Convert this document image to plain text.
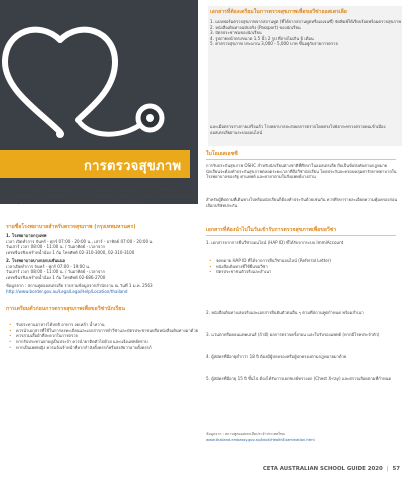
การตรวจสุขภาพ
หลังจากที่นักเรียนมาเรียนอยู่ที่ออสเตรเลีย เป็นการดูแลสุขภาพที่ต้องคาดการณ์ไว้ คลินิกที่สะดวกแก่นักเรียนและนักศึกษาแต่ละคน มีระบบประกันสุขภาพที่รองรับ คือ OSHC ตามหลักการ นักเรียนสามารถตรวจสุขภาพโดยใช้บริการของคลินิกหรือโรงพยาบาลทั่วไปได้ตามที่กำหนด
รายชื่อโรงพยาบาลสำหรับตรวจสุขภาพ (กรุงเทพมหานคร)
1. โรงพยาบาลกรุงเทพ
เวลา เปิดทำการ จันทร์ - ศุกร์ 07:00 - 20:00 น., เสาร์ - อาทิตย์ 07:00 - 20:00 น.
วันเสาร์ เวลา 08:00 - 11:00 น. / วันอาทิตย์ - เวลาจาก
เหรทจีนรชิงเชรำหน้ำน้อง 1 ก้ม โทรศัพท์ 02-310-3000, 02-310-3100
2. โรงพยาบาลบางกอกเนชั่นแนล
เวลาเปิดทำการ จันทร์ - ศุกร์ 07:00 - 19:00 น.
วันเสาร์ เวลา 08:00 - 11:00 น. / วันอาทิตย์ - เวลาจาก
เหรทจีนรชิงเชรำหน้ำน้อง 1 ก้ม โทรศัพท์ 02-686-2700
ข้อมูลจาก : สถานทูตออสเตรเลีย รวบรวมข้อมูลจากสำนักงาน ณ วันที่ 1 ม.ค. 2563
http://www.border.gov.au/Lega/Lega/Help/Location/thailand
การเตรียมตัวก่อนการตรวจสุขภาพเพื่อขอวีซ่านักเรียน
• รับประทานอาหารได้ปกติ อาหาร งดเหล้า น้ำหวาน
• ควรนำเอกสารที่ใช้ในการลงทะเบียนและเอกสารการทำวีซ่าและบัตรประชาชนหรือหนังสือเดินทางมาด้วย
• ควรสวมเสื้อผ้าที่สะดวกในการตรวจ
• หากรับประทานยาอยู่เป็นประจำ ควรนำยาติดตัวไปด้วย และแจ้งแพทย์ทราบ
• หากเป็นเพศหญิง ควรแจ้งเจ้าหน้าที่หากกำลังตั้งครรภ์หรือสงสัยว่าอาจตั้งครรภ์
เอกสารที่ต้องเตรียมในการตรวจสุขภาพเพื่อขอวีซ่าออสเตรเลีย
1. แบบฟอร์มตรวจสุขภาพจากสถานทูต (ที่ได้จากสถานทูตหรือเอเจนซี่) จัดพิมพ์ให้เรียบร้อยพร้อมตรวจสุขภาพ
2. หนังสือเดินทางฉบับจริง (Passport) ของนักเรียน
3. บัตรประชาชนของนักเรียน
4. รูปถ่ายหน้าตรงขนาด 1.5 นิ้ว 2 รูป ที่ถ่ายไม่เกิน 6 เดือน
5. ค่าตรวจสุขภาพ ประมาณ 3,000 - 5,000 บาท ขึ้นอยู่กับรายการตรวจ
และเมื่อตรวจร่างกายเสร็จแล้ว โรงพยาบาลจะส่งผลการตรวจโดยตรงไปยังกระทรวงตรวจคนเข้าเมืองออสเตรเลียผ่านระบบออนไลน์
ใบโอเอสเอชซี
การรับประกันสุขภาพ OSHC สำหรับนักเรียนต่างชาติที่ศึกษาในออสเตรเลีย ถือเป็นข้อบังคับตามกฎหมาย นักเรียนจะต้องทำประกันสุขภาพตลอดระยะเวลาที่ถือวีซ่านักเรียน โดยประกันจะครอบคลุมค่ารักษาพยาบาลในโรงพยาบาลของรัฐ ค่าแพทย์ และค่ายาตามใบสั่งแพทย์บางส่วน
สำหรับผู้ติดตามที่เดินทางไปพร้อมนักเรียนก็ต้องทำประกันด้วยเช่นกัน ควรศึกษารายละเอียดความคุ้มครองก่อนเลือกบริษัทประกัน
เอกสารที่ต้องนำไปในวันเข้ารับการตรวจสุขภาพเพื่อขอวีซ่า
1. เอกสารจากการยื่นวีซ่าออนไลน์ (HAP ID) ที่ได้รับจากระบบ ImmiAccount
• จดหมาย HAP ID ที่ได้จากการยื่นวีซ่าออนไลน์ (Referral Letter)
• หนังสือเดินทางที่ใช้ยื่นขอวีซ่า
• บัตรประชาชนตัวจริงและสำเนา
2. หนังสือเดินทางเล่มจริงและเอกสารยืนยันตัวตนอื่น ๆ ตามที่สถานทูตกำหนด พร้อมสำเนา
3. แว่นตาหรือคอนแทคเลนส์ (ถ้ามี) ผลการตรวจครั้งก่อน และใบรับรองแพทย์ (หากมีโรคประจำตัว)
4. ผู้สมัครที่มีอายุต่ำกว่า 18 ปี ต้องมีผู้ปกครองหรือผู้ปกครองตามกฎหมายมาด้วย
5. ผู้สมัครที่มีอายุ 15 ปี ขึ้นไป ต้องได้รับการเอกซเรย์ทรวงอก (Chest X-ray) และตรวจเลือดตามที่กำหนด
ข้อมูลจาก : สถานทูตออสเตรเลียประจำประเทศไทย
www.thailand.embassy.gov.au/bkok/HealthExamination.html
CETA AUSTRALIAN SCHOOL GUIDE 2020 | 57
